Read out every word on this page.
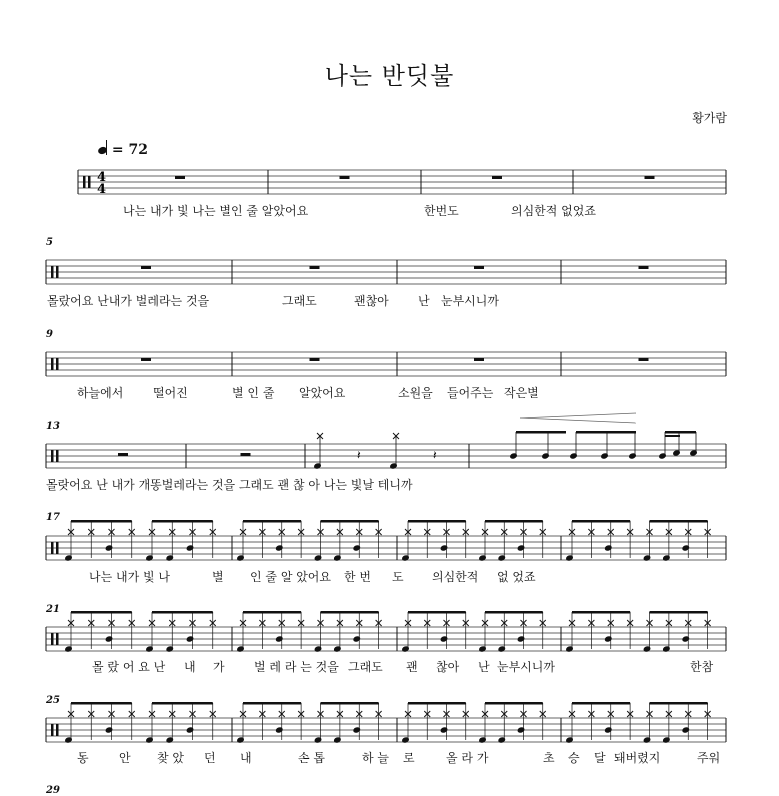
나는 반딧불
황가람
= 72
𝄽	𝄽
4
4
5
9
13
17
21
25
29
나는 내가 빛 나는 별인 줄 알았어요	한번도	의심한적 없었죠
몰랐어요 난내가 벌레라는 것을	그래도	괜찮아 난 눈부시니까
하늘에서 떨어진	별 인 줄 알았어요	소원을 들어주는 작은별
몰랏어요 난 내가 개똥벌레라는 것을 그래도 괜 찮 아 나는 빛날 테니까
나는 내가 빛 나	별 인 줄 알 았어요 한 번 도 의심한적 없 었죠
몰 랐 어 요 난 내 가 벌 레 라 는 것을 그래도 괜 찮아 난 눈부시니까	한참
동	안 찾 았 던 내	손 톱	하 늘 로	올 라 가	초 승 달 돼버렸지	주워
